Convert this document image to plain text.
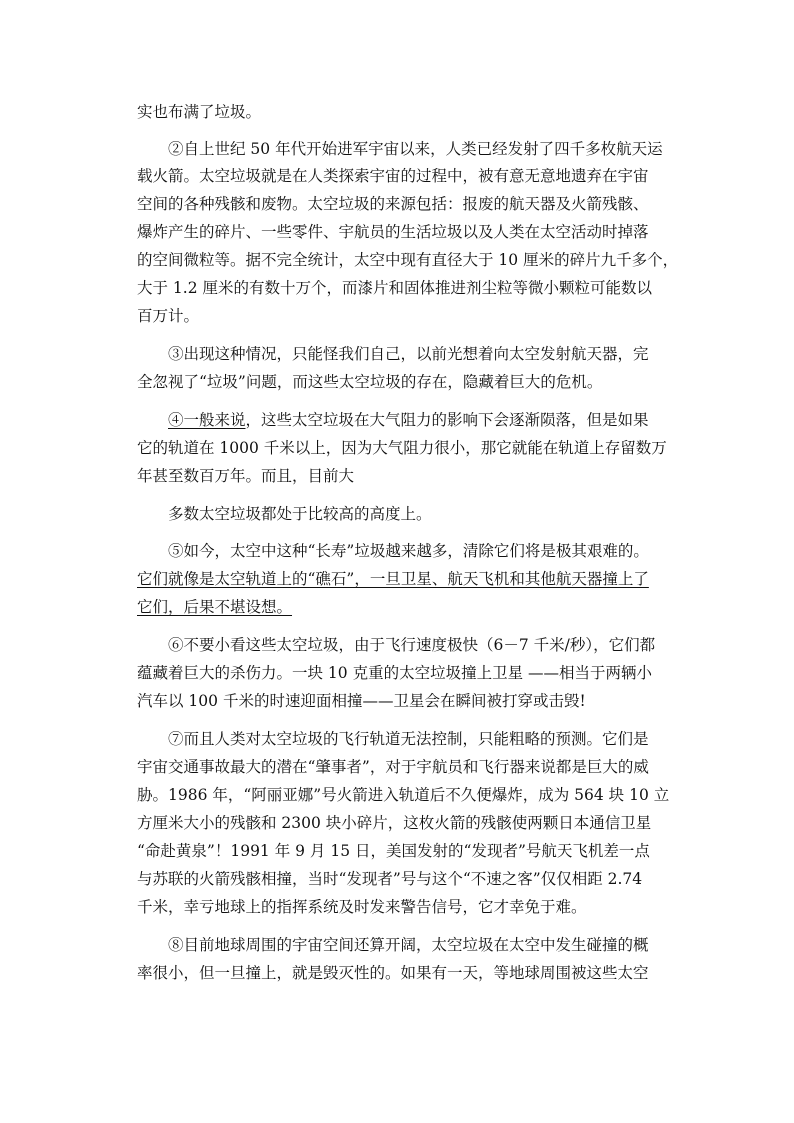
实也布满了垃圾。
②自上世纪 50 年代开始进军宇宙以来，人类已经发射了四千多枚航天运
载火箭。太空垃圾就是在人类探索宇宙的过程中，被有意无意地遗弃在宇宙
空间的各种残骸和废物。太空垃圾的来源包括：报废的航天器及火箭残骸、
爆炸产生的碎片、一些零件、宇航员的生活垃圾以及人类在太空活动时掉落
的空间微粒等。据不完全统计，太空中现有直径大于 10 厘米的碎片九千多个，
大于 1.2 厘米的有数十万个，而漆片和固体推进剂尘粒等微小颗粒可能数以
百万计。
③出现这种情况，只能怪我们自己，以前光想着向太空发射航天器，完
全忽视了“垃圾”问题，而这些太空垃圾的存在，隐藏着巨大的危机。
④一般来说，这些太空垃圾在大气阻力的影响下会逐渐陨落，但是如果
它的轨道在 1000 千米以上，因为大气阻力很小，那它就能在轨道上存留数万
年甚至数百万年。而且，目前大
多数太空垃圾都处于比较高的高度上。
⑤如今，太空中这种“长寿”垃圾越来越多，清除它们将是极其艰难的。
它们就像是太空轨道上的“礁石”，一旦卫星、航天飞机和其他航天器撞上了
它们，后果不堪设想。
⑥不要小看这些太空垃圾，由于飞行速度极快（6－7 千米/秒），它们都
蕴藏着巨大的杀伤力。一块 10 克重的太空垃圾撞上卫星 ——相当于两辆小
汽车以 100 千米的时速迎面相撞——卫星会在瞬间被打穿或击毁!
⑦而且人类对太空垃圾的飞行轨道无法控制，只能粗略的预测。它们是
宇宙交通事故最大的潜在“肇事者”，对于宇航员和飞行器来说都是巨大的威
胁。1986 年，“阿丽亚娜”号火箭进入轨道后不久便爆炸，成为 564 块 10 立
方厘米大小的残骸和 2300 块小碎片，这枚火箭的残骸使两颗日本通信卫星
“命赴黄泉”！1991 年 9 月 15 日，美国发射的“发现者”号航天飞机差一点
与苏联的火箭残骸相撞，当时“发现者”号与这个“不速之客”仅仅相距 2.74
千米，幸亏地球上的指挥系统及时发来警告信号，它才幸免于难。
⑧目前地球周围的宇宙空间还算开阔，太空垃圾在太空中发生碰撞的概
率很小，但一旦撞上，就是毁灭性的。如果有一天，等地球周围被这些太空
